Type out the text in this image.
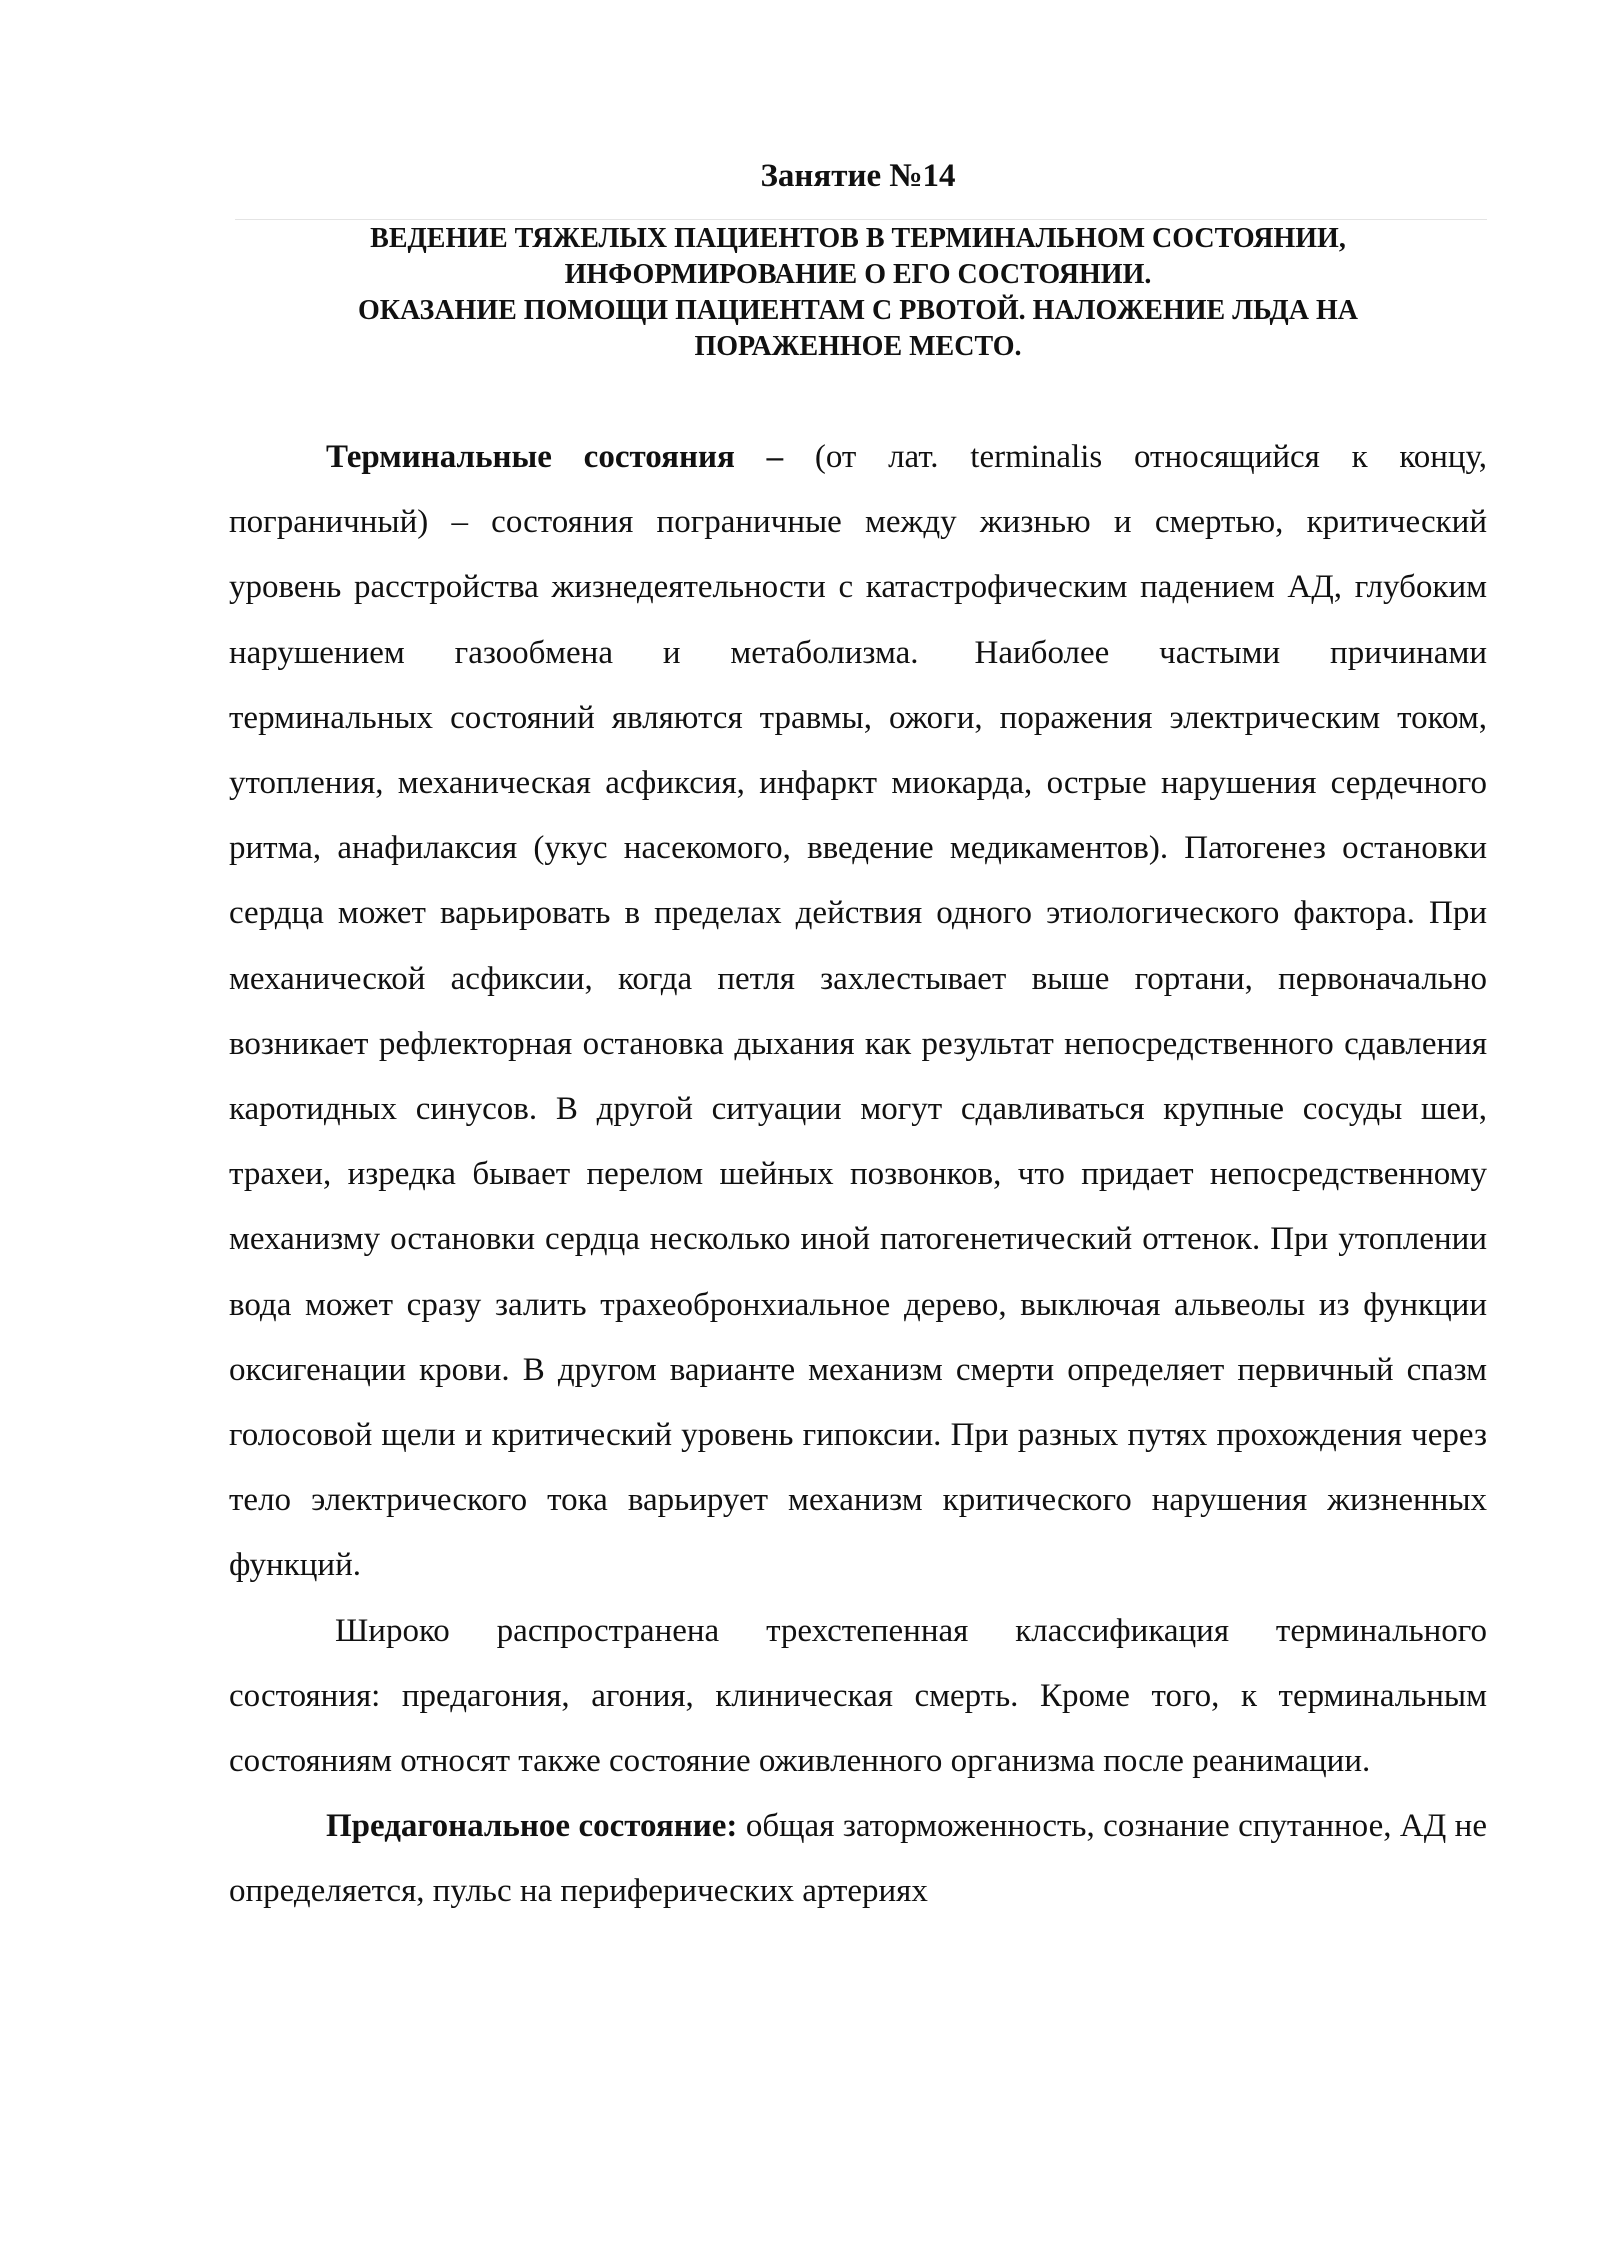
Занятие №14
ВЕДЕНИЕ ТЯЖЕЛЫХ ПАЦИЕНТОВ В ТЕРМИНАЛЬНОМ СОСТОЯНИИ,
ИНФОРМИРОВАНИЕ О ЕГО СОСТОЯНИИ.
ОКАЗАНИЕ ПОМОЩИ ПАЦИЕНТАМ С РВОТОЙ. НАЛОЖЕНИЕ ЛЬДА НА
ПОРАЖЕННОЕ МЕСТО.

Терминальные состояния – (от лат. terminalis относящийся к концу, пограничный) – состояния пограничные между жизнью и смертью, критический уровень расстройства жизнедеятельности с катастрофическим падением АД, глубоким нарушением газообмена и метаболизма. Наиболее частыми причинами терминальных состояний являются травмы, ожоги, поражения электрическим током, утопления, механическая асфиксия, инфаркт миокарда, острые нарушения сердечного ритма, анафилаксия (укус насекомого, введение медикаментов). Патогенез остановки сердца может варьировать в пределах действия одного этиологического фактора. При механической асфиксии, когда петля захлестывает выше гортани, первоначально возникает рефлекторная остановка дыхания как результат непосредственного сдавления каротидных синусов. В другой ситуации могут сдавливаться крупные сосуды шеи, трахеи, изредка бывает перелом шейных позвонков, что придает непосредственному механизму остановки сердца несколько иной патогенетический оттенок. При утоплении вода может сразу залить трахеобронхиальное дерево, выключая альвеолы из функции оксигенации крови. В другом варианте механизм смерти определяет первичный спазм голосовой щели и критический уровень гипоксии. При разных путях прохождения через тело электрического тока варьирует механизм критического нарушения жизненных функций.

Широко распространена трехстепенная классификация терминального состояния: предагония, агония, клиническая смерть. Кроме того, к терминальным состояниям относят также состояние оживленного организма после реанимации.

Предагональное состояние: общая заторможенность, сознание спутанное, АД не определяется, пульс на периферических артериях
